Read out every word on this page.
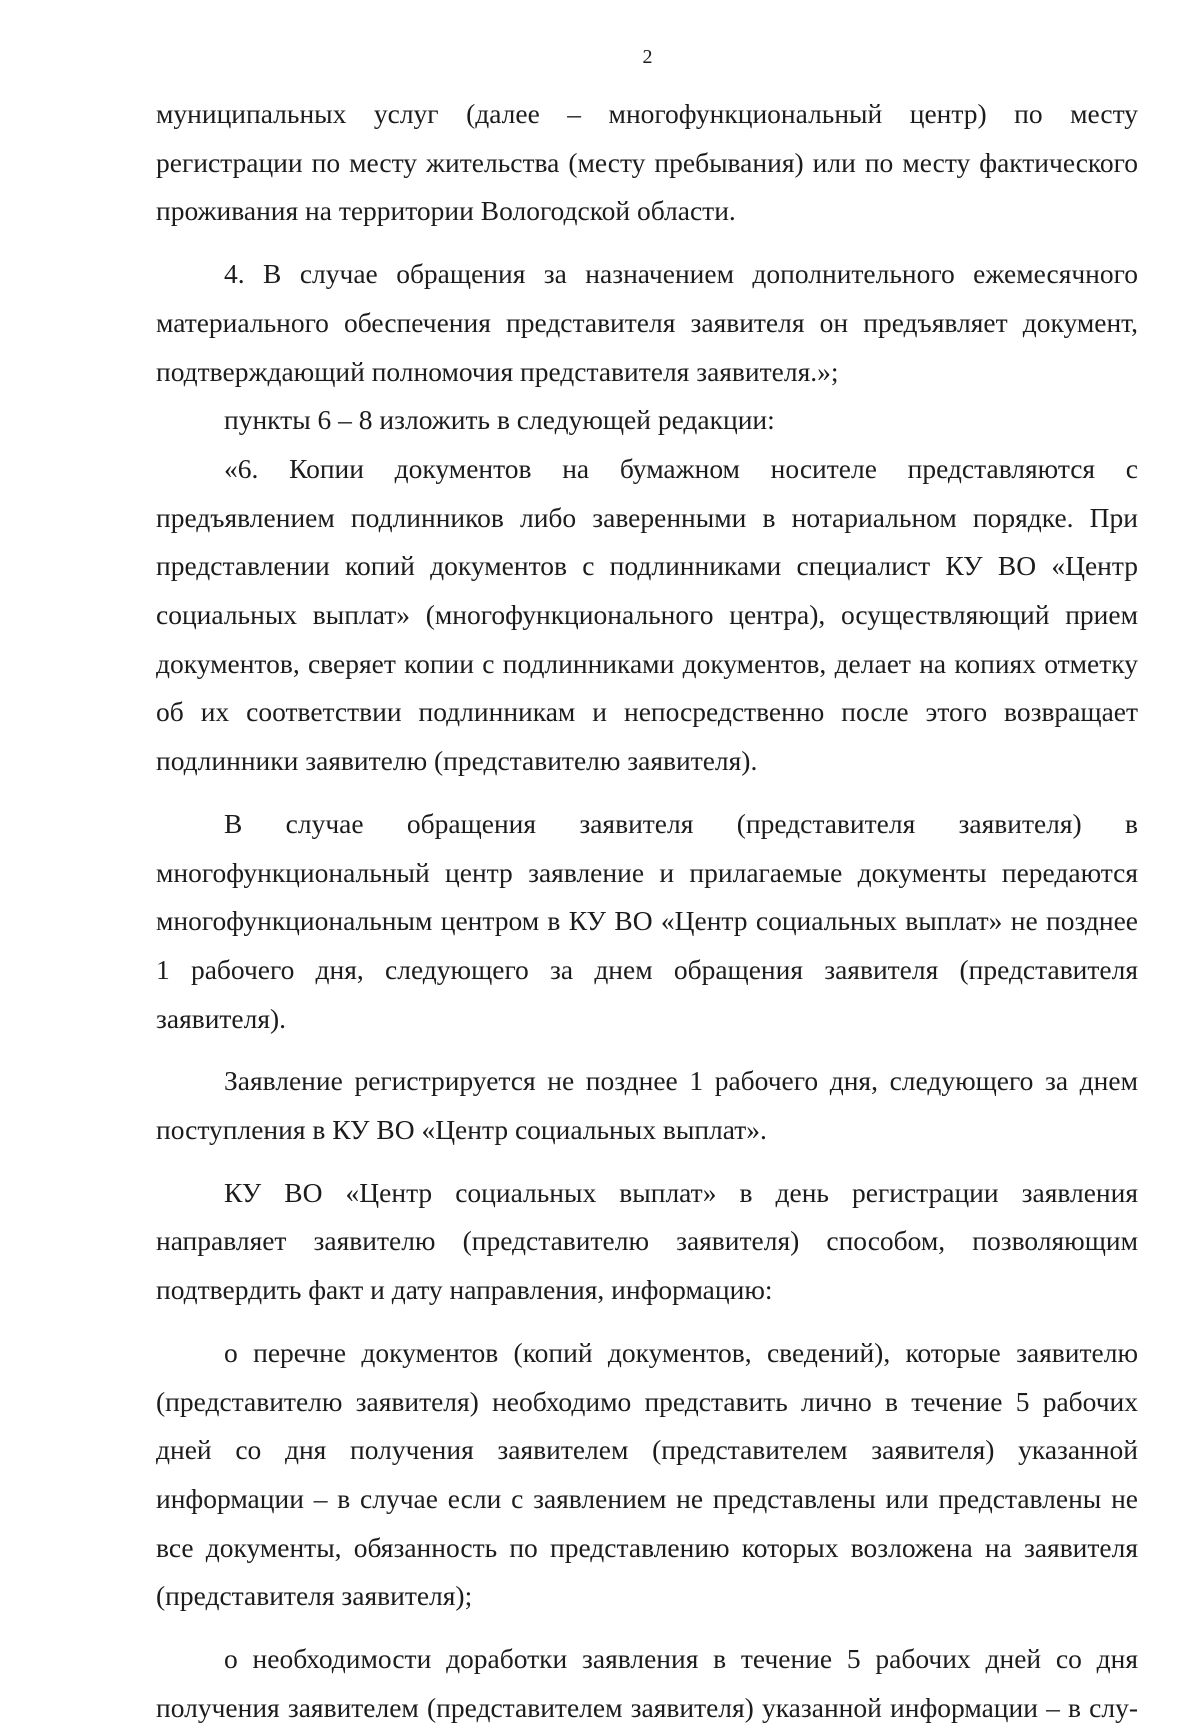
2

муниципальных услуг (далее – многофункциональный центр) по месту регистрации по месту жительства (месту пребывания) или по месту фактического проживания на территории Вологодской области.

4. В случае обращения за назначением дополнительного ежемесячного материального обеспечения представителя заявителя он предъявляет документ, подтверждающий полномочия представителя заявителя.»;

пункты 6 – 8 изложить в следующей редакции:

«6. Копии документов на бумажном носителе представляются с предъявлением подлинников либо заверенными в нотариальном порядке. При представлении копий документов с подлинниками специалист КУ ВО «Центр социальных выплат» (многофункционального центра), осуществляющий прием документов, сверяет копии с подлинниками документов, делает на копиях отметку об их соответствии подлинникам и непосредственно после этого возвращает подлинники заявителю (представителю заявителя).

В случае обращения заявителя (представителя заявителя) в многофункциональный центр заявление и прилагаемые документы передаются многофункциональным центром в КУ ВО «Центр социальных выплат» не позднее 1 рабочего дня, следующего за днем обращения заявителя (представителя заявителя).

Заявление регистрируется не позднее 1 рабочего дня, следующего за днем поступления в КУ ВО «Центр социальных выплат».

КУ ВО «Центр социальных выплат» в день регистрации заявления направляет заявителю (представителю заявителя) способом, позволяющим подтвердить факт и дату направления, информацию:

о перечне документов (копий документов, сведений), которые заявителю (представителю заявителя) необходимо представить лично в течение 5 рабочих дней со дня получения заявителем (представителем заявителя) указанной информации – в случае если с заявлением не представлены или представлены не все документы, обязанность по представлению которых возложена на заявителя (представителя заявителя);

о необходимости доработки заявления в течение 5 рабочих дней со дня получения заявителем (представителем заявителя) указанной информации – в слу-
